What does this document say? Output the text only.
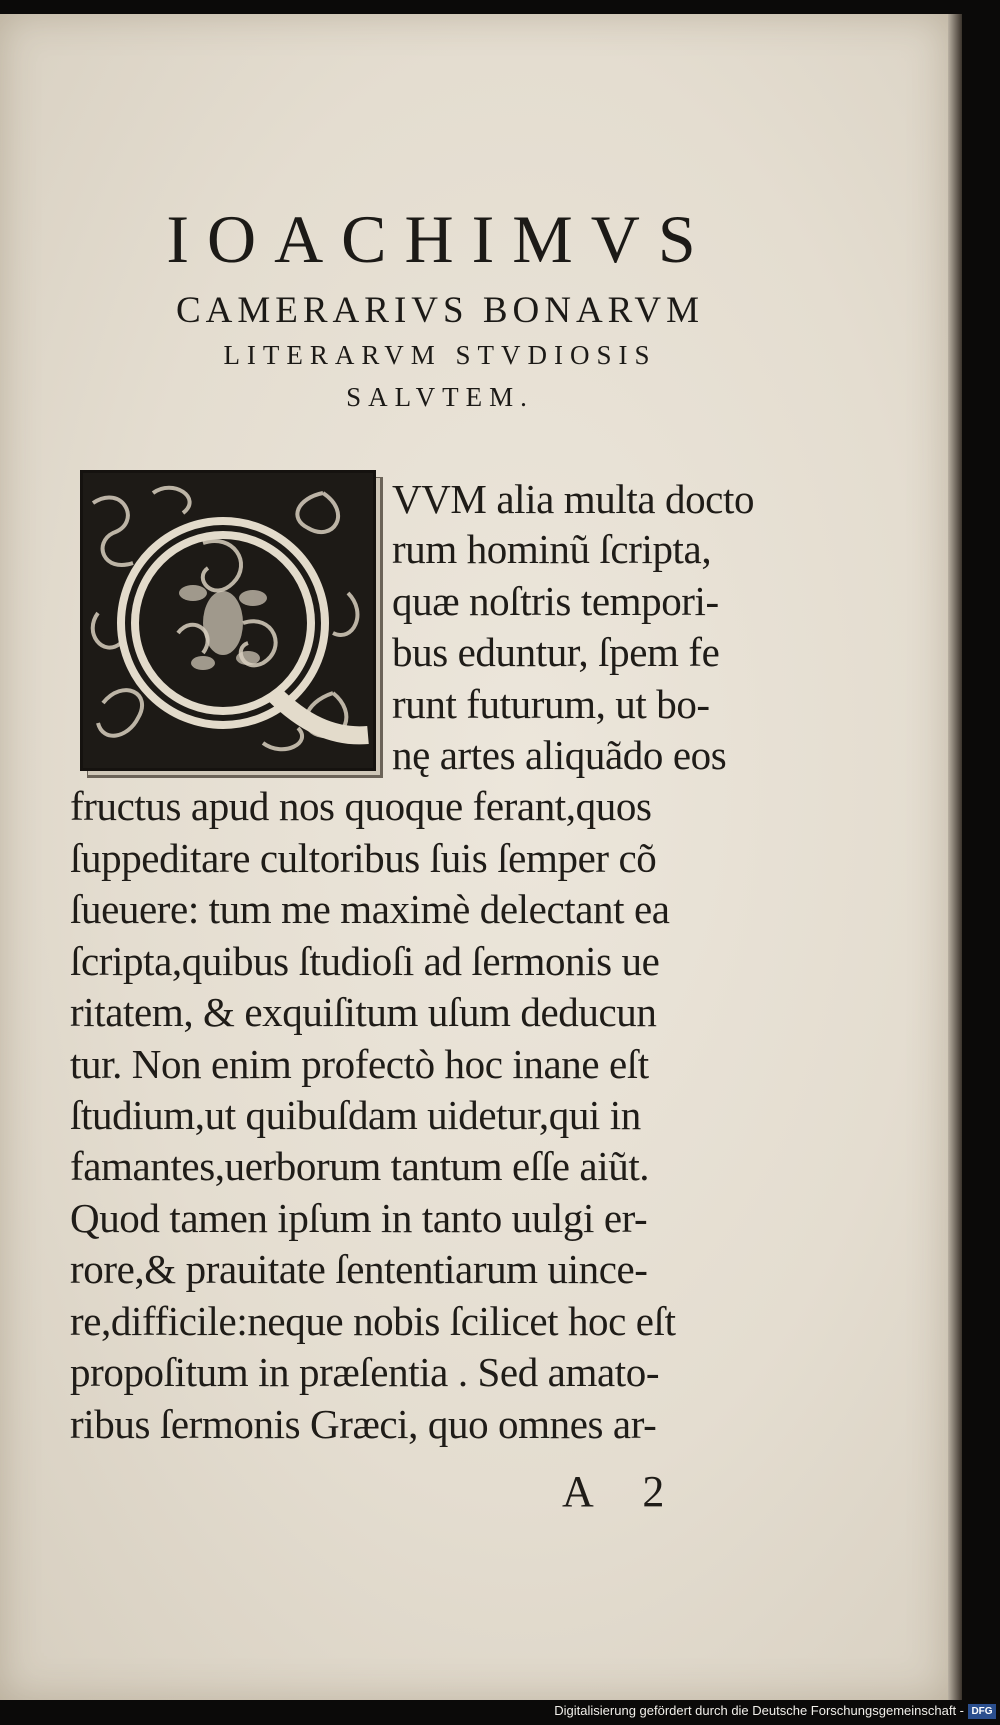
IOACHIMVS
CAMERARIVS BONARVM
LITERARVM STVDIOSIS
SALVTEM.
VVM alia multa docto
rum hominũ ſcripta,
quæ noſtris tempori-
bus eduntur, ſpem fe
runt futurum, ut bo-
nę artes aliquãdo eos
fructus apud nos quoque ferant,quos
ſuppeditare cultoribus ſuis ſemper cõ
ſueuere: tum me maximè delectant ea
ſcripta,quibus ſtudioſi ad ſermonis ue
ritatem, & exquiſitum uſum deducun
tur. Non enim profectò hoc inane eſt
ſtudium,ut quibuſdam uidetur,qui in
famantes,uerborum tantum eſſe aiũt.
Quod tamen ipſum in tanto uulgi er-
rore,& prauitate ſententiarum uince-
re,difficile:neque nobis ſcilicet hoc eſt
propoſitum in præſentia . Sed amato-
ribus ſermonis Græci, quo omnes ar-
A 2
Digitalisierung gefördert durch die Deutsche Forschungsgemeinschaft - DFG
